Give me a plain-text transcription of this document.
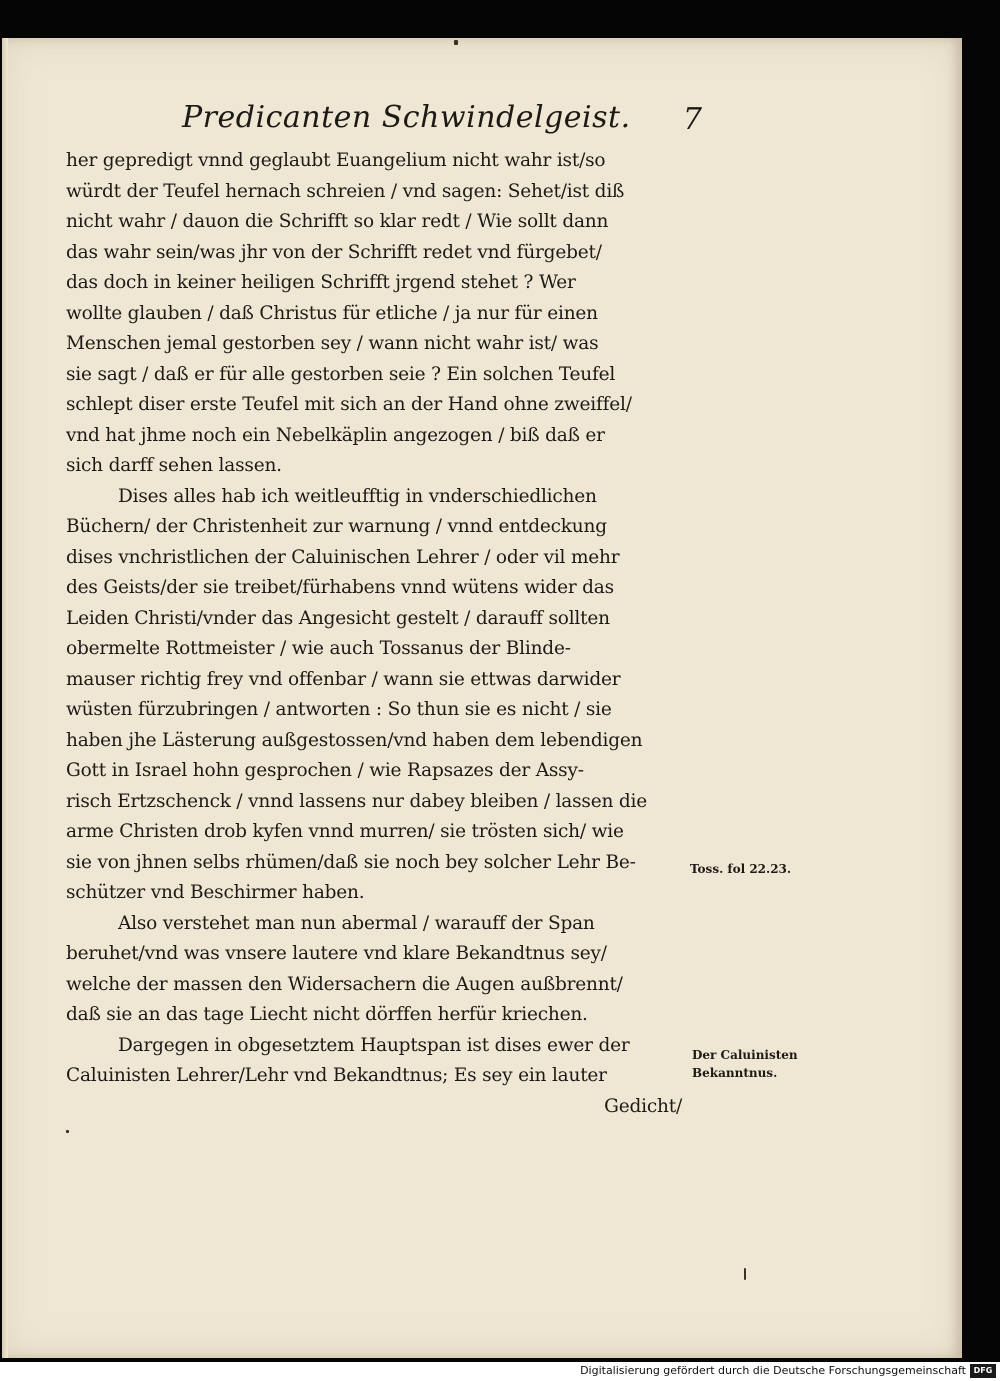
Predicanten Schwindelgeist. 7
her gepredigt vnnd geglaubt Euangelium nicht wahr ist/so
würdt der Teufel hernach schreien / vnd sagen: Sehet/ist diß
nicht wahr / dauon die Schrifft so klar redt / Wie sollt dann
das wahr sein/was jhr von der Schrifft redet vnd fürgebet/
das doch in keiner heiligen Schrifft jrgend stehet ? Wer
wollte glauben / daß Christus für etliche / ja nur für einen
Menschen jemal gestorben sey / wann nicht wahr ist/ was
sie sagt / daß er für alle gestorben seie ? Ein solchen Teufel
schlept diser erste Teufel mit sich an der Hand ohne zweiffel/
vnd hat jhme noch ein Nebelkäplin angezogen / biß daß er
sich darff sehen lassen.
Dises alles hab ich weitleufftig in vnderschiedlichen
Büchern/ der Christenheit zur warnung / vnnd entdeckung
dises vnchristlichen der Caluinischen Lehrer / oder vil mehr
des Geists/der sie treibet/fürhabens vnnd wütens wider das
Leiden Christi/vnder das Angesicht gestelt / darauff sollten
obermelte Rottmeister / wie auch Tossanus der Blinde-
mauser richtig frey vnd offenbar / wann sie ettwas darwider
wüsten fürzubringen / antworten : So thun sie es nicht / sie
haben jhe Lästerung außgestossen/vnd haben dem lebendigen
Gott in Israel hohn gesprochen / wie Rapsazes der Assy-
risch Ertzschenck / vnnd lassens nur dabey bleiben / lassen die
arme Christen drob kyfen vnnd murren/ sie trösten sich/ wie
sie von jhnen selbs rhümen/daß sie noch bey solcher Lehr Be-
schützer vnd Beschirmer haben.
Also verstehet man nun abermal / warauff der Span
beruhet/vnd was vnsere lautere vnd klare Bekandtnus sey/
welche der massen den Widersachern die Augen außbrennt/
daß sie an das tage Liecht nicht dörffen herfür kriechen.
Dargegen in obgesetztem Hauptspan ist dises ewer der
Caluinisten Lehrer/Lehr vnd Bekandtnus; Es sey ein lauter
Gedicht/
Toss. fol 22.23.
Der Caluinisten
Bekanntnus.
Digitalisierung gefördert durch die Deutsche Forschungsgemeinschaft DFG
